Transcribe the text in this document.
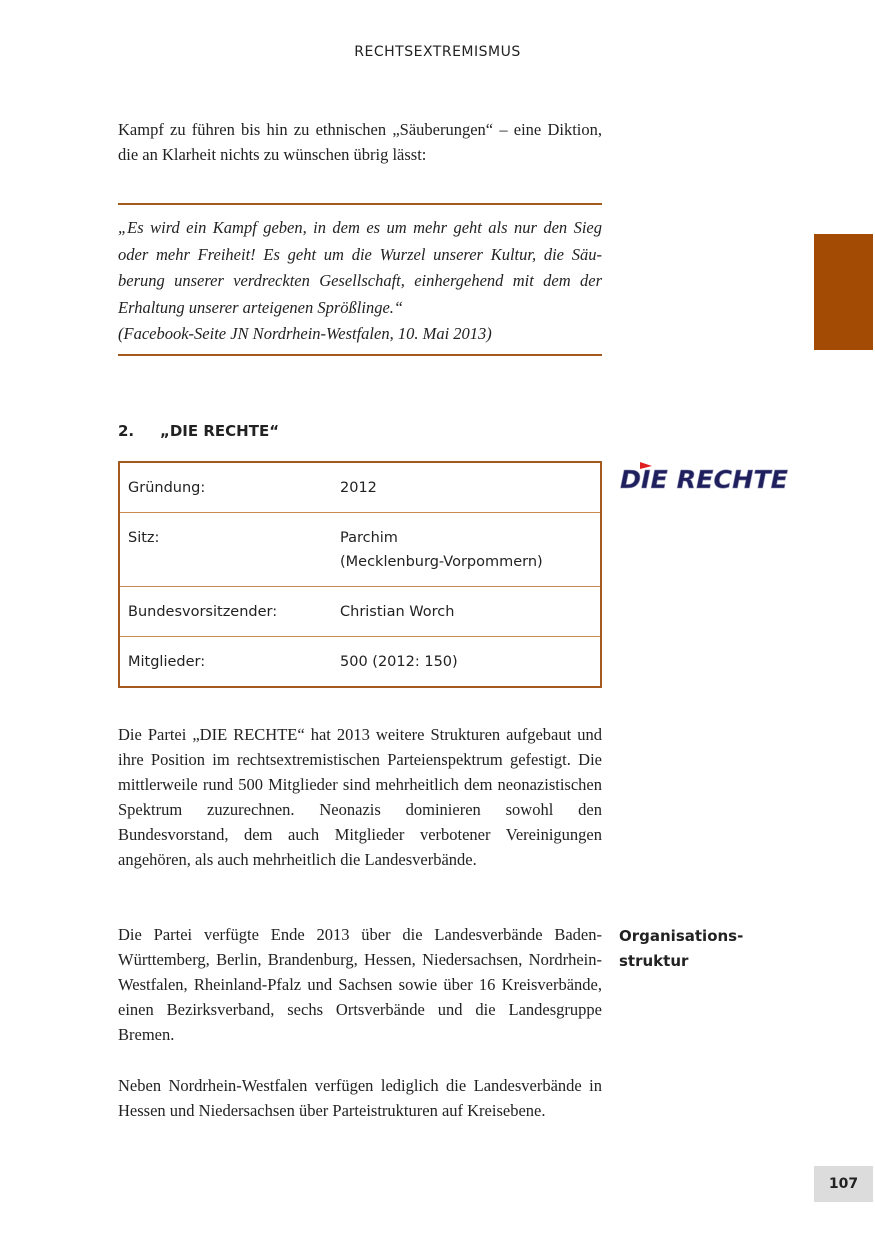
RECHTSEXTREMISMUS
Kampf zu führen bis hin zu ethnischen „Säuberungen“ – eine Diktion, die an Klarheit nichts zu wünschen übrig lässt:
„Es wird ein Kampf geben, in dem es um mehr geht als nur den Sieg oder mehr Freiheit! Es geht um die Wurzel unserer Kultur, die Säuberung unserer verdreckten Gesellschaft, einhergehend mit dem der Erhaltung unserer arteigenen Sprößlinge.“
(Facebook-Seite JN Nordrhein-Westfalen, 10. Mai 2013)
2. „DIE RECHTE“
DIE RECHTE
Gründung:	2012
Sitz:	Parchim
(Mecklenburg-Vorpommern)

Bundesvorsitzender:	Christian Worch
Mitglieder:	500 (2012: 150)
Die Partei „DIE RECHTE“ hat 2013 weitere Strukturen aufgebaut und ihre Position im rechtsextremistischen Parteienspektrum gefestigt. Die mittlerweile rund 500 Mitglieder sind mehrheitlich dem neonazistischen Spektrum zuzurechnen. Neonazis dominieren sowohl den Bundesvorstand, dem auch Mitglieder verbotener Vereinigungen angehören, als auch mehrheitlich die Landesverbände.
Die Partei verfügte Ende 2013 über die Landesverbände Baden-Württemberg, Berlin, Brandenburg, Hessen, Niedersachsen, Nordrhein-Westfalen, Rheinland-Pfalz und Sachsen sowie über 16 Kreisverbände, einen Bezirksverband, sechs Ortsverbände und die Landesgruppe Bremen.
Neben Nordrhein-Westfalen verfügen lediglich die Landesverbände in Hessen und Niedersachsen über Parteistrukturen auf Kreisebene.
Organisations-
struktur
107
